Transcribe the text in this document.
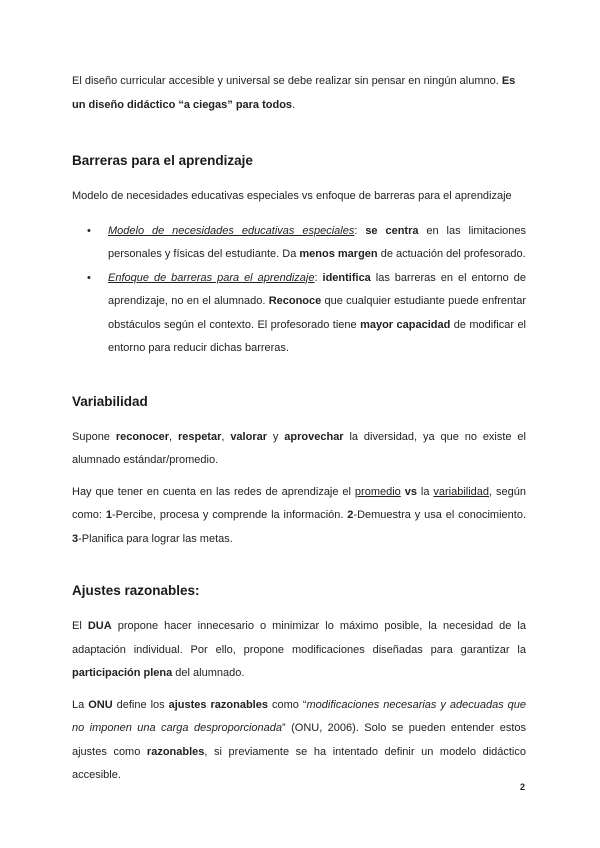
El diseño curricular accesible y universal se debe realizar sin pensar en ningún alumno. Es un diseño didáctico “a ciegas” para todos.

Barreras para el aprendizaje

Modelo de necesidades educativas especiales vs enfoque de barreras para el aprendizaje

• Modelo de necesidades educativas especiales: se centra en las limitaciones personales y físicas del estudiante. Da menos margen de actuación del profesorado.
• Enfoque de barreras para el aprendizaje: identifica las barreras en el entorno de aprendizaje, no en el alumnado. Reconoce que cualquier estudiante puede enfrentar obstáculos según el contexto. El profesorado tiene mayor capacidad de modificar el entorno para reducir dichas barreras.
Variabilidad

Supone reconocer, respetar, valorar y aprovechar la diversidad, ya que no existe el alumnado estándar/promedio.

Hay que tener en cuenta en las redes de aprendizaje el promedio vs la variabilidad, según como: 1-Percibe, procesa y comprende la información. 2-Demuestra y usa el conocimiento. 3-Planifica para lograr las metas.

Ajustes razonables:

El DUA propone hacer innecesario o minimizar lo máximo posible, la necesidad de la adaptación individual. Por ello, propone modificaciones diseñadas para garantizar la participación plena del alumnado.

La ONU define los ajustes razonables como “modificaciones necesarias y adecuadas que no imponen una carga desproporcionada” (ONU, 2006). Solo se pueden entender estos ajustes como razonables, si previamente se ha intentado definir un modelo didáctico accesible.

2
